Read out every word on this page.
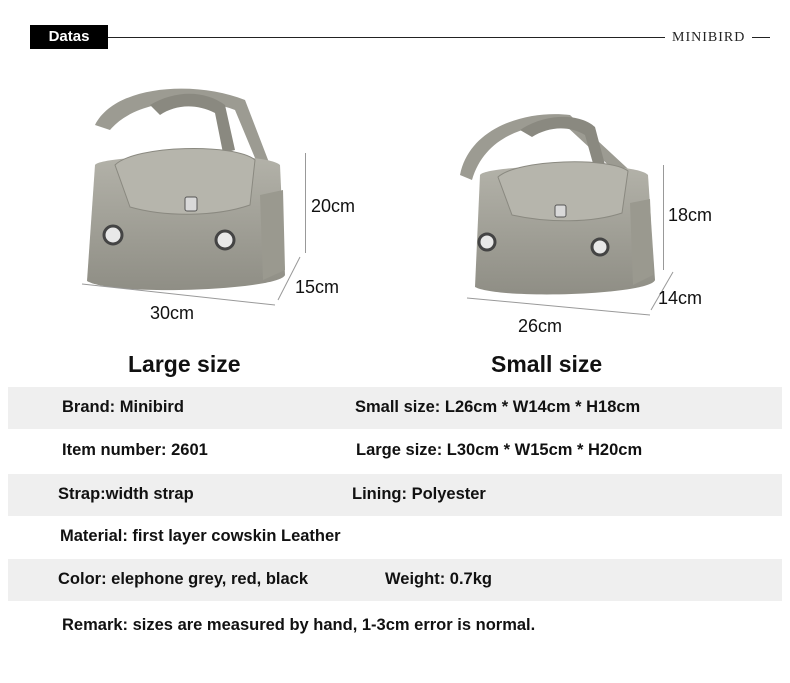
Datas	MINIBIRD
20cm
15cm
30cm
18cm
14cm
26cm
Large size	Small size
Brand: Minibird	Small size: L26cm * W14cm * H18cm
Item number: 2601	Large size: L30cm * W15cm * H20cm
Strap:width strap	Lining: Polyester
Material: first layer cowskin Leather
Color: elephone grey, red, black	Weight: 0.7kg
Remark: sizes are measured by hand, 1-3cm error is normal.
